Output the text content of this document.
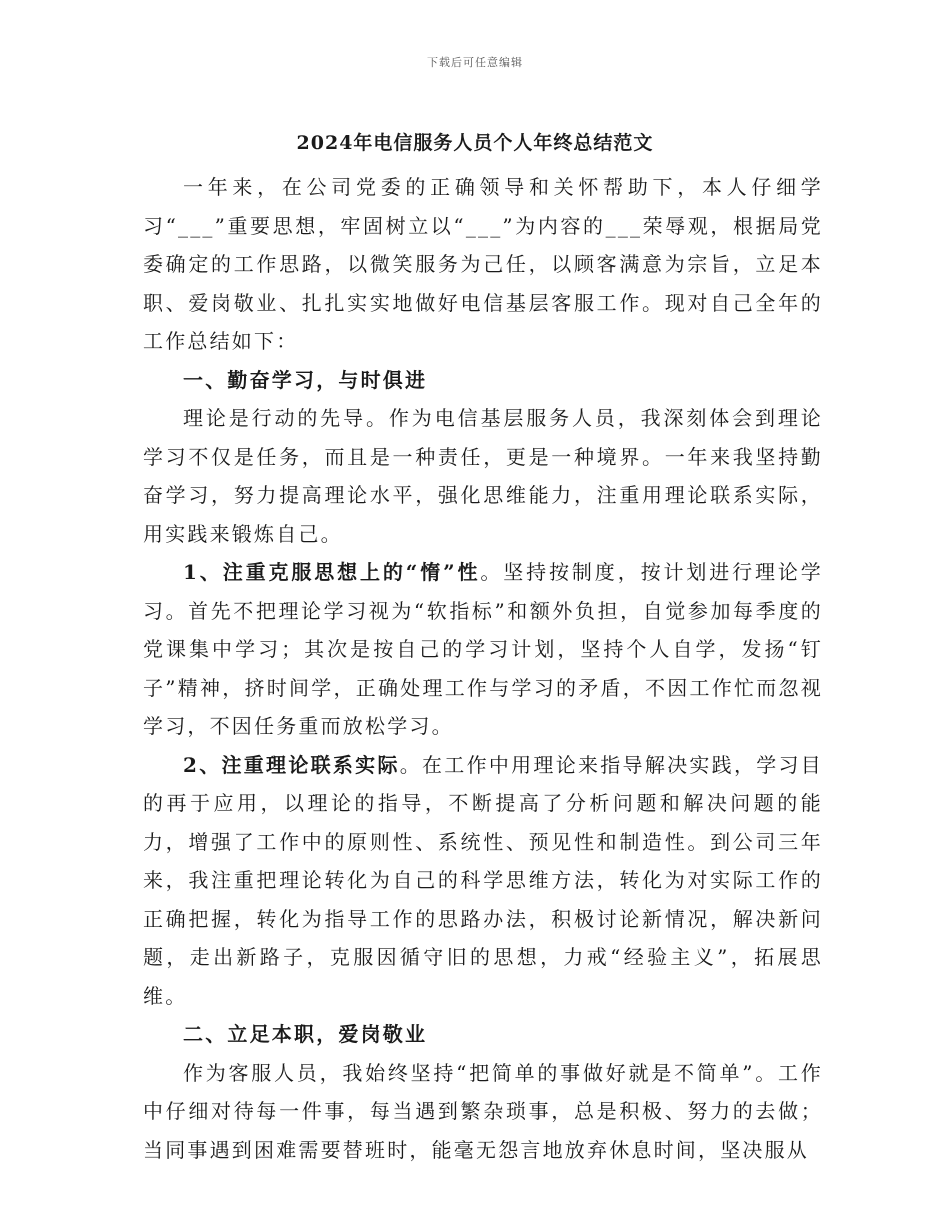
下载后可任意编辑
2024年电信服务人员个人年终总结范文

一年来，在公司党委的正确领导和关怀帮助下，本人仔细学习“___”重要思想，牢固树立以“___”为内容的___荣辱观，根据局党委确定的工作思路，以微笑服务为己任，以顾客满意为宗旨，立足本职、爱岗敬业、扎扎实实地做好电信基层客服工作。现对自己全年的工作总结如下：

一、勤奋学习，与时俱进

理论是行动的先导。作为电信基层服务人员，我深刻体会到理论学习不仅是任务，而且是一种责任，更是一种境界。一年来我坚持勤奋学习，努力提高理论水平，强化思维能力，注重用理论联系实际，用实践来锻炼自己。

1、注重克服思想上的“惰”性。坚持按制度，按计划进行理论学习。首先不把理论学习视为“软指标”和额外负担，自觉参加每季度的党课集中学习；其次是按自己的学习计划，坚持个人自学，发扬“钉子”精神，挤时间学，正确处理工作与学习的矛盾，不因工作忙而忽视学习，不因任务重而放松学习。

2、注重理论联系实际。在工作中用理论来指导解决实践，学习目的再于应用，以理论的指导，不断提高了分析问题和解决问题的能力，增强了工作中的原则性、系统性、预见性和制造性。到公司三年来，我注重把理论转化为自己的科学思维方法，转化为对实际工作的正确把握，转化为指导工作的思路办法，积极讨论新情况，解决新问题，走出新路子，克服因循守旧的思想，力戒“经验主义”，拓展思维。

二、立足本职，爱岗敬业

作为客服人员，我始终坚持“把简单的事做好就是不简单”。工作中仔细对待每一件事，每当遇到繁杂琐事，总是积极、努力的去做；当同事遇到困难需要替班时，能毫无怨言地放弃休息时间，坚决服从
